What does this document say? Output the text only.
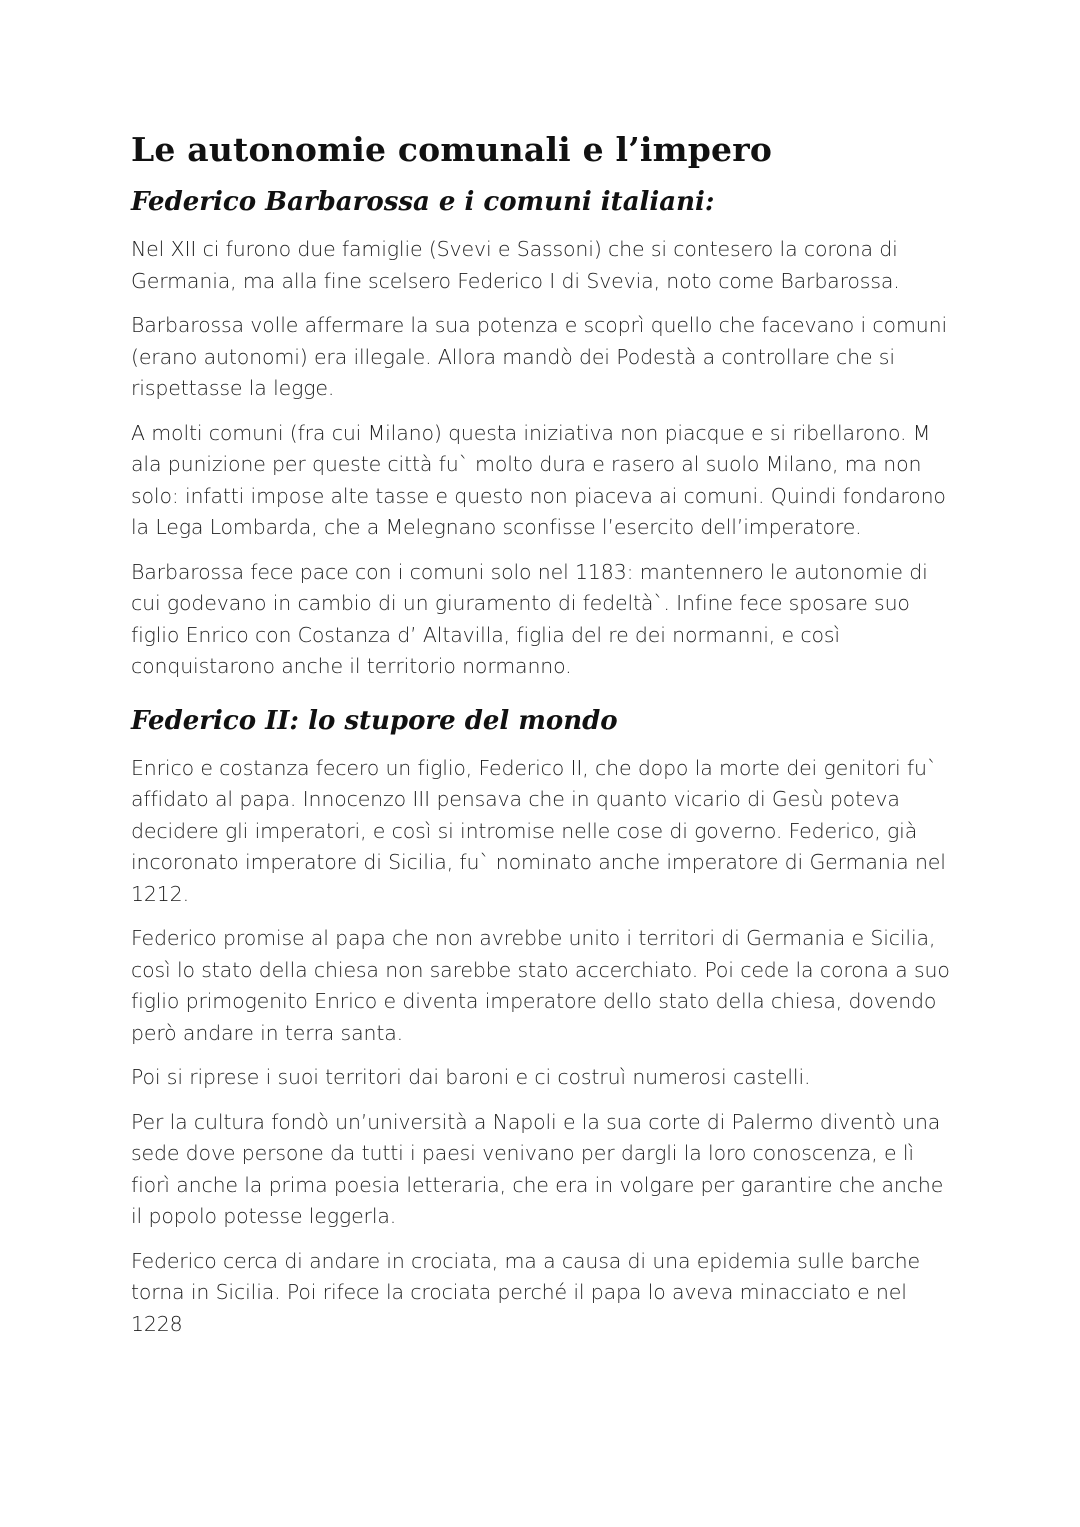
Le autonomie comunali e l’impero
Federico Barbarossa e i comuni italiani:

Nel XII ci furono due famiglie (Svevi e Sassoni) che si contesero la corona di Germania, ma alla fine scelsero Federico I di Svevia, noto come Barbarossa.

Barbarossa volle affermare la sua potenza e scoprì quello che facevano i comuni (erano autonomi) era illegale. Allora mandò dei Podestà a controllare che si rispettasse la legge.

A molti comuni (fra cui Milano) questa iniziativa non piacque e si ribellarono. M ala punizione per queste città fu` molto dura e rasero al suolo Milano, ma non solo: infatti impose alte tasse e questo non piaceva ai comuni. Quindi fondarono la Lega Lombarda, che a Melegnano sconfisse l’esercito dell’imperatore.

Barbarossa fece pace con i comuni solo nel 1183: mantennero le autonomie di cui godevano in cambio di un giuramento di fedeltà`. Infine fece sposare suo figlio Enrico con Costanza d’ Altavilla, figlia del re dei normanni, e così conquistarono anche il territorio normanno.

Federico II: lo stupore del mondo

Enrico e costanza fecero un figlio, Federico II, che dopo la morte dei genitori fu` affidato al papa. Innocenzo III pensava che in quanto vicario di Gesù poteva decidere gli imperatori, e così si intromise nelle cose di governo. Federico, già incoronato imperatore di Sicilia, fu` nominato anche imperatore di Germania nel 1212.

Federico promise al papa che non avrebbe unito i territori di Germania e Sicilia, così lo stato della chiesa non sarebbe stato accerchiato. Poi cede la corona a suo figlio primogenito Enrico e diventa imperatore dello stato della chiesa, dovendo però andare in terra santa.

Poi si riprese i suoi territori dai baroni e ci costruì numerosi castelli.

Per la cultura fondò un’università a Napoli e la sua corte di Palermo diventò una sede dove persone da tutti i paesi venivano per dargli la loro conoscenza, e lì fiorì anche la prima poesia letteraria, che era in volgare per garantire che anche il popolo potesse leggerla.

Federico cerca di andare in crociata, ma a causa di una epidemia sulle barche torna in Sicilia. Poi rifece la crociata perché il papa lo aveva minacciato e nel 1228
